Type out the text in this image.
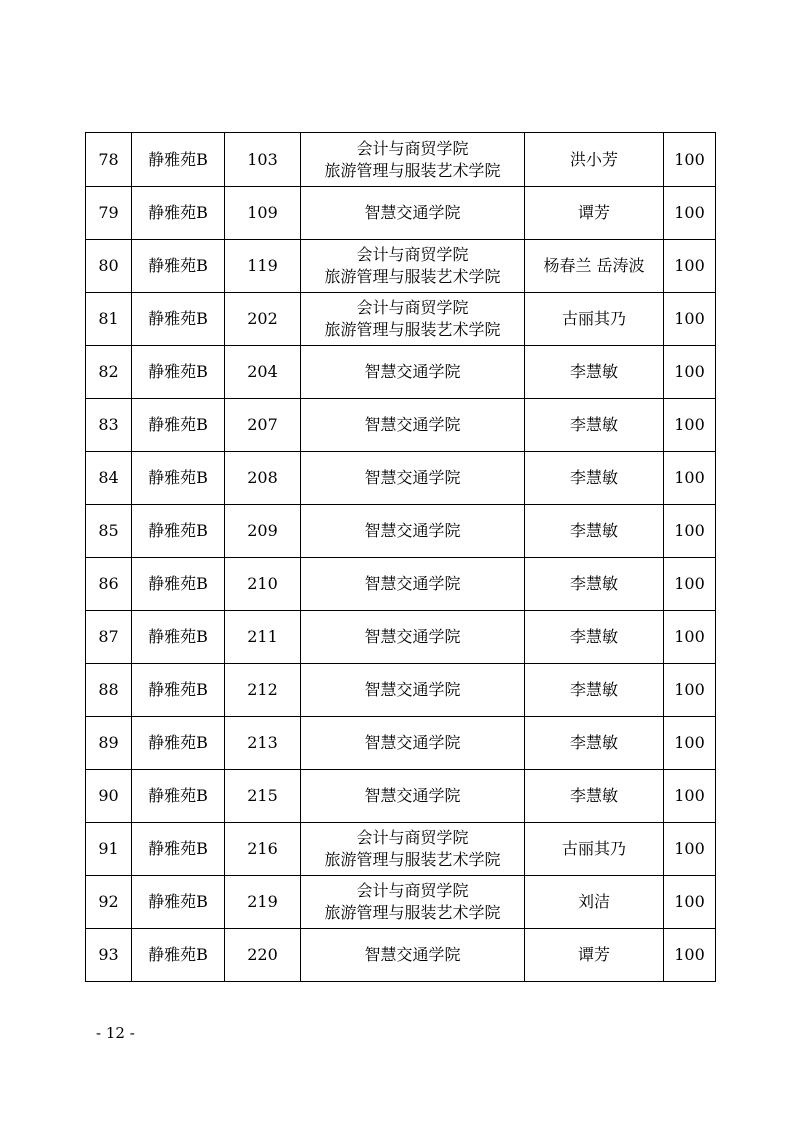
78	静雅苑B	103	会计与商贸学院
旅游管理与服装艺术学院	洪小芳	100
79	静雅苑B	109	智慧交通学院	谭芳	100
80	静雅苑B	119	会计与商贸学院
旅游管理与服装艺术学院	杨春兰 岳涛波	100
81	静雅苑B	202	会计与商贸学院
旅游管理与服装艺术学院	古丽其乃	100
82	静雅苑B	204	智慧交通学院	李慧敏	100
83	静雅苑B	207	智慧交通学院	李慧敏	100
84	静雅苑B	208	智慧交通学院	李慧敏	100
85	静雅苑B	209	智慧交通学院	李慧敏	100
86	静雅苑B	210	智慧交通学院	李慧敏	100
87	静雅苑B	211	智慧交通学院	李慧敏	100
88	静雅苑B	212	智慧交通学院	李慧敏	100
89	静雅苑B	213	智慧交通学院	李慧敏	100
90	静雅苑B	215	智慧交通学院	李慧敏	100
91	静雅苑B	216	会计与商贸学院
旅游管理与服装艺术学院	古丽其乃	100
92	静雅苑B	219	会计与商贸学院
旅游管理与服装艺术学院	刘洁	100
93	静雅苑B	220	智慧交通学院	谭芳	100
- 12 -
